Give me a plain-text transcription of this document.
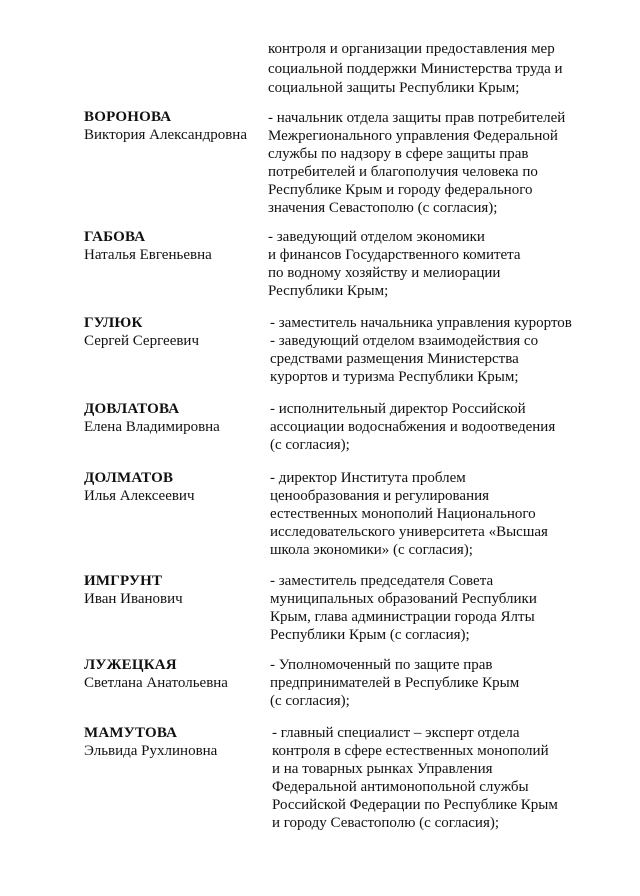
контроля и организации предоставления мер
социальной поддержки Министерства труда и
социальной защиты Республики Крым;
ВОРОНОВА
Виктория Александровна
- начальник отдела защиты прав потребителей
Межрегионального управления Федеральной
службы по надзору в сфере защиты прав
потребителей и благополучия человека по
Республике Крым и городу федерального
значения Севастополю (с согласия);
ГАБОВА
Наталья Евгеньевна
- заведующий отделом экономики
и финансов Государственного комитета
по водному хозяйству и мелиорации
Республики Крым;
ГУЛЮК
Сергей Сергеевич
- заместитель начальника управления курортов
- заведующий отделом взаимодействия со
средствами размещения Министерства
курортов и туризма Республики Крым;
ДОВЛАТОВА
Елена Владимировна
- исполнительный директор Российской
ассоциации водоснабжения и водоотведения
(с согласия);
ДОЛМАТОВ
Илья Алексеевич
- директор Института проблем
ценообразования и регулирования
естественных монополий Национального
исследовательского университета «Высшая
школа экономики» (с согласия);
ИМГРУНТ
Иван Иванович
- заместитель председателя Совета
муниципальных образований Республики
Крым, глава администрации города Ялты
Республики Крым (с согласия);
ЛУЖЕЦКАЯ
Светлана Анатольевна
- Уполномоченный по защите прав
предпринимателей в Республике Крым
(с согласия);
МАМУТОВА
Эльвида Рухлиновна
- главный специалист – эксперт отдела
контроля в сфере естественных монополий
и на товарных рынках Управления
Федеральной антимонопольной службы
Российской Федерации по Республике Крым
и городу Севастополю (с согласия);
